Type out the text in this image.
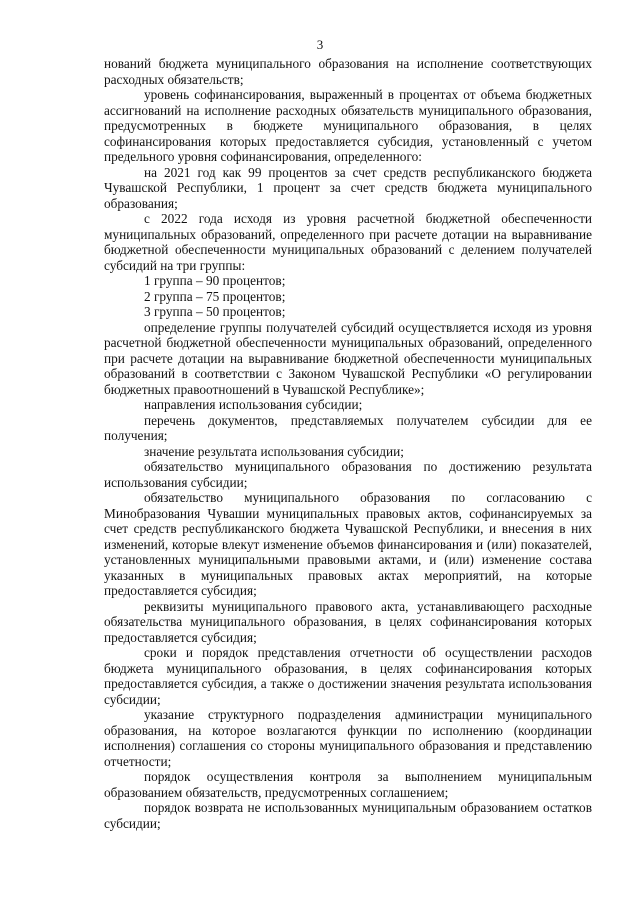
3

нований бюджета муниципального образования на исполнение соответствующих расходных обязательств;

уровень софинансирования, выраженный в процентах от объема бюджетных ассигнований на исполнение расходных обязательств муниципального образования, предусмотренных в бюджете муниципального образования, в целях софинансирования которых предоставляется субсидия, установленный с учетом предельного уровня софинансирования, определенного:

на 2021 год как 99 процентов за счет средств республиканского бюджета Чувашской Республики, 1 процент за счет средств бюджета муниципального образования;

с 2022 года исходя из уровня расчетной бюджетной обеспеченности муниципальных образований, определенного при расчете дотации на выравнивание бюджетной обеспеченности муниципальных образований с делением получателей субсидий на три группы:

1 группа – 90 процентов;

2 группа – 75 процентов;

3 группа – 50 процентов;

определение группы получателей субсидий осуществляется исходя из уровня расчетной бюджетной обеспеченности муниципальных образований, определенного при расчете дотации на выравнивание бюджетной обеспеченности муниципальных образований в соответствии с Законом Чувашской Республики «О регулировании бюджетных правоотношений в Чувашской Республике»;

направления использования субсидии;

перечень документов, представляемых получателем субсидии для ее получения;

значение результата использования субсидии;

обязательство муниципального образования по достижению результата использования субсидии;

обязательство муниципального образования по согласованию с Минобразования Чувашии муниципальных правовых актов, софинансируемых за счет средств республиканского бюджета Чувашской Республики, и внесения в них изменений, которые влекут изменение объемов финансирования и (или) показателей, установленных муниципальными правовыми актами, и (или) изменение состава указанных в муниципальных правовых актах мероприятий, на которые предоставляется субсидия;

реквизиты муниципального правового акта, устанавливающего расходные обязательства муниципального образования, в целях софинансирования которых предоставляется субсидия;

сроки и порядок представления отчетности об осуществлении расходов бюджета муниципального образования, в целях софинансирования которых предоставляется субсидия, а также о достижении значения результата использования субсидии;

указание структурного подразделения администрации муниципального образования, на которое возлагаются функции по исполнению (координации исполнения) соглашения со стороны муниципального образования и представлению отчетности;

порядок осуществления контроля за выполнением муниципальным образованием обязательств, предусмотренных соглашением;

порядок возврата не использованных муниципальным образованием остатков субсидии;
